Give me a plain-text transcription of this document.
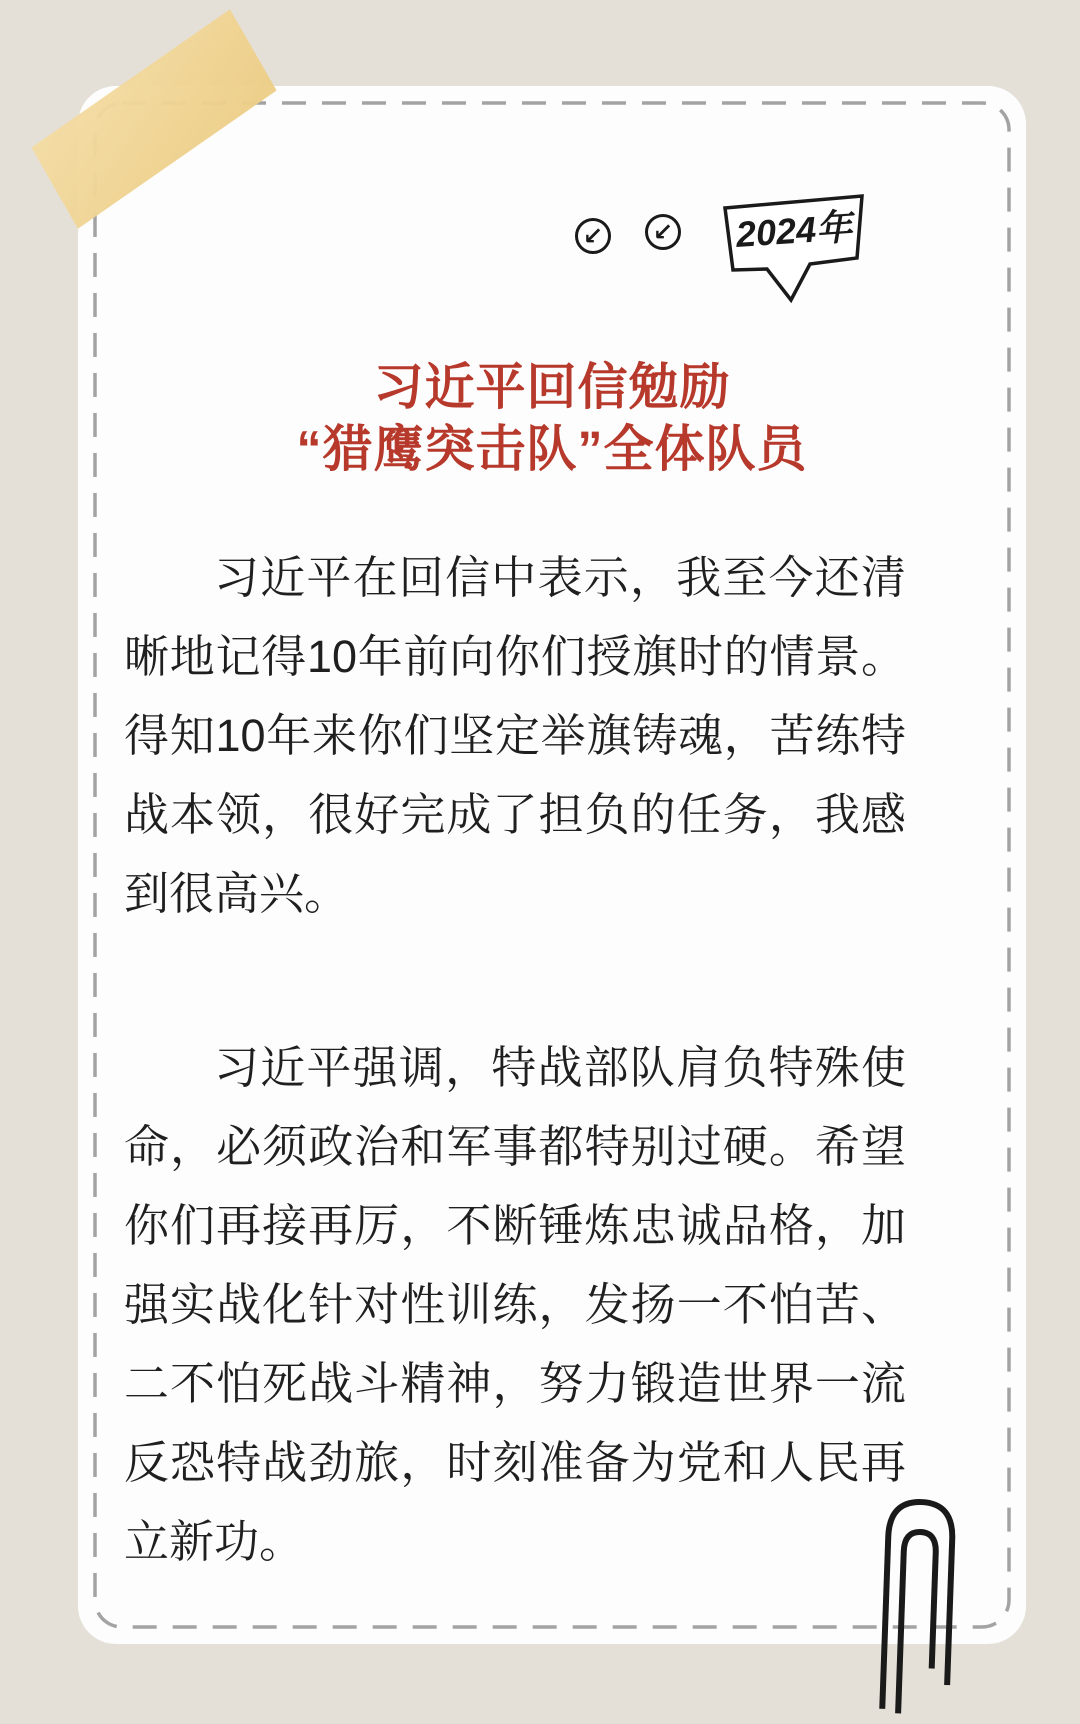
↙ ↙ 2024年
习近平回信勉励
“猎鹰突击队”全体队员

习近平在回信中表示，我至今还清晰地记得10年前向你们授旗时的情景。得知10年来你们坚定举旗铸魂，苦练特战本领，很好完成了担负的任务，我感到很高兴。

习近平强调，特战部队肩负特殊使命，必须政治和军事都特别过硬。希望你们再接再厉，不断锤炼忠诚品格，加强实战化针对性训练，发扬一不怕苦、二不怕死战斗精神，努力锻造世界一流反恐特战劲旅，时刻准备为党和人民再立新功。
